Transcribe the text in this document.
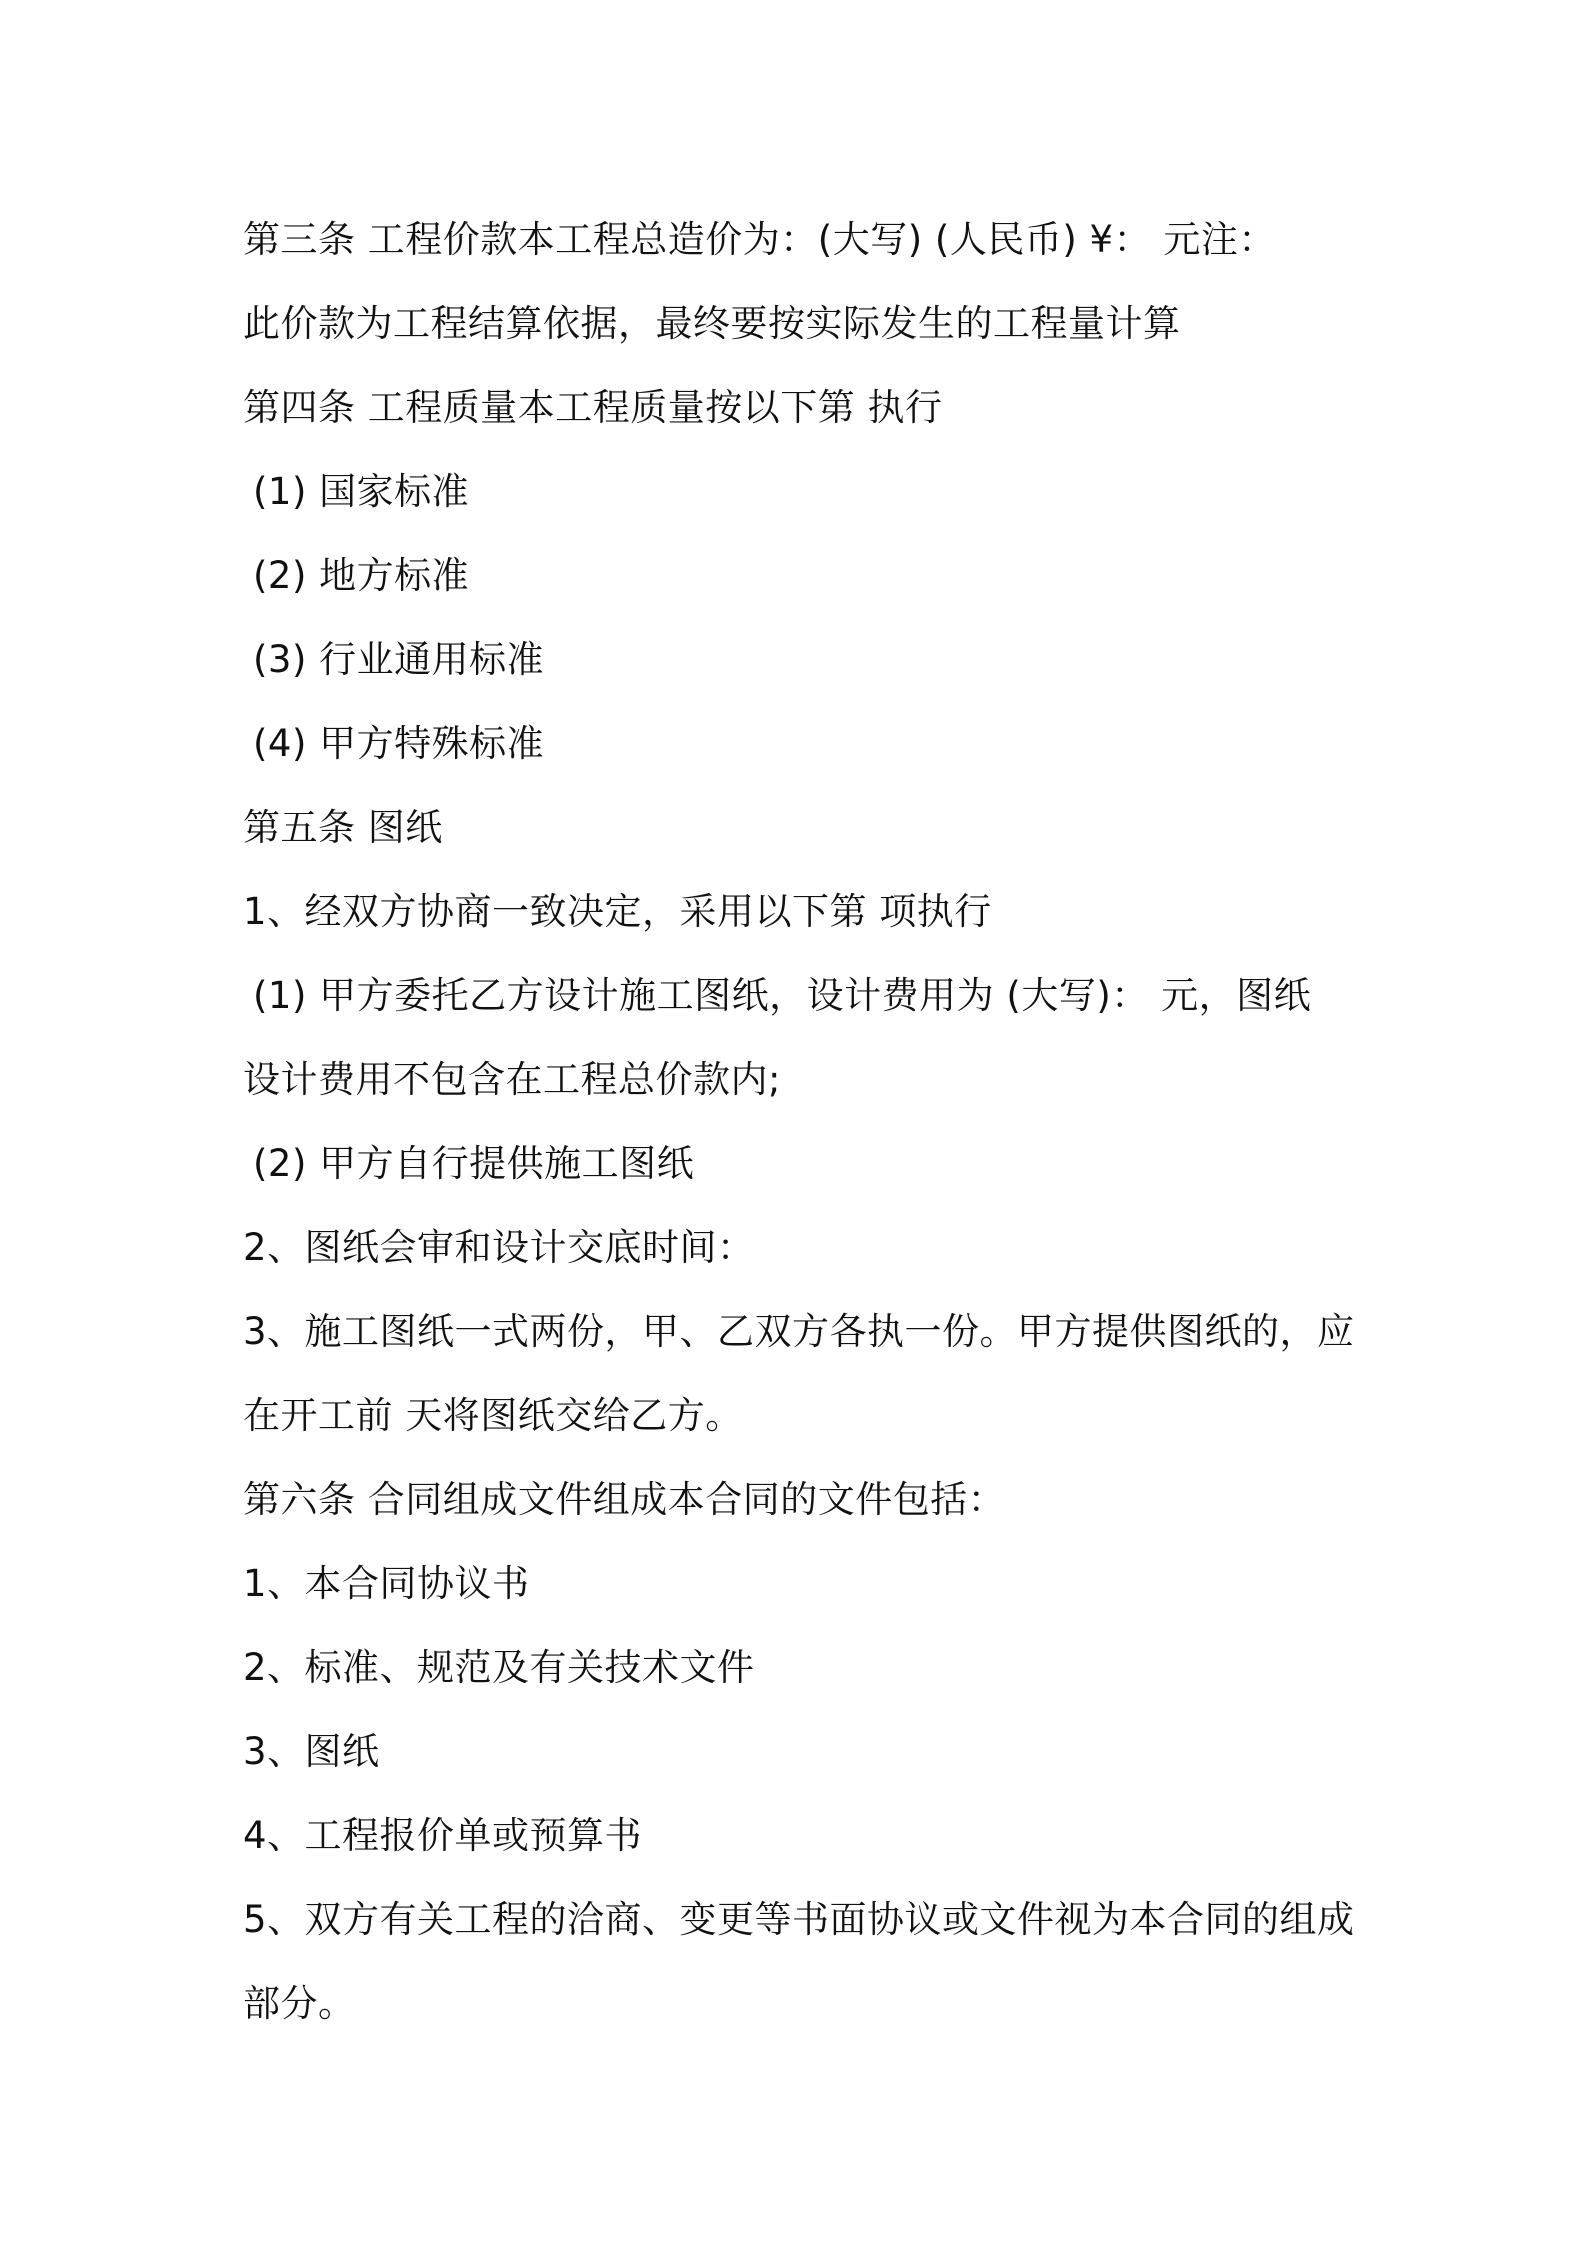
第三条 工程价款本工程总造价为：(大写) (人民币) ¥： 元注：

此价款为工程结算依据，最终要按实际发生的工程量计算

第四条 工程质量本工程质量按以下第 执行

(1) 国家标准

(2) 地方标准

(3) 行业通用标准

(4) 甲方特殊标准

第五条 图纸

1、经双方协商一致决定，采用以下第 项执行

(1) 甲方委托乙方设计施工图纸，设计费用为 (大写)： 元，图纸

设计费用不包含在工程总价款内;

(2) 甲方自行提供施工图纸

2、图纸会审和设计交底时间：

3、施工图纸一式两份，甲、乙双方各执一份。甲方提供图纸的，应

在开工前 天将图纸交给乙方。

第六条 合同组成文件组成本合同的文件包括：

1、本合同协议书

2、标准、规范及有关技术文件

3、图纸

4、工程报价单或预算书

5、双方有关工程的洽商、变更等书面协议或文件视为本合同的组成

部分。
